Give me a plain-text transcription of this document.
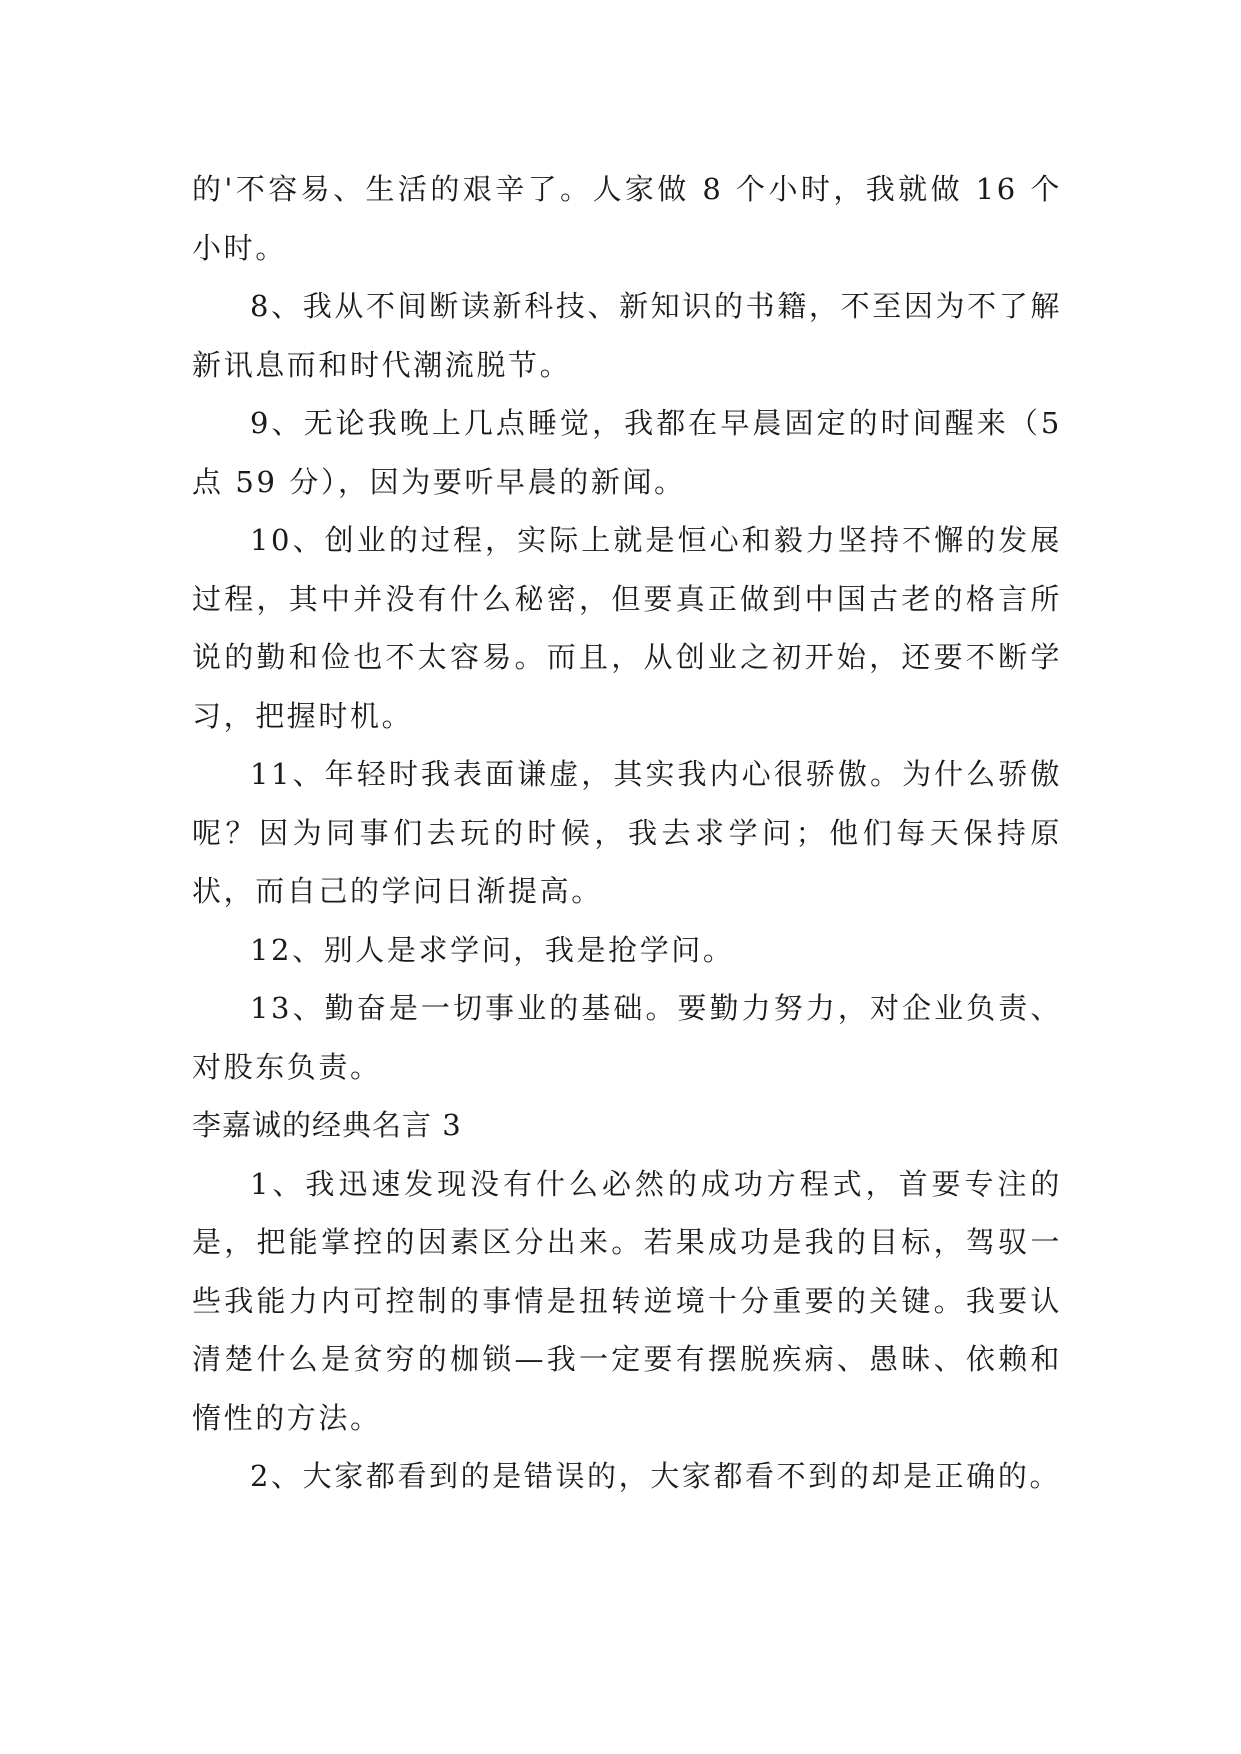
的'不容易、生活的艰辛了。人家做 8 个小时，我就做 16 个小时。

8、我从不间断读新科技、新知识的书籍，不至因为不了解新讯息而和时代潮流脱节。

9、无论我晚上几点睡觉，我都在早晨固定的时间醒来（5 点 59 分），因为要听早晨的新闻。

10、创业的过程，实际上就是恒心和毅力坚持不懈的发展过程，其中并没有什么秘密，但要真正做到中国古老的格言所说的勤和俭也不太容易。而且，从创业之初开始，还要不断学习，把握时机。

11、年轻时我表面谦虚，其实我内心很骄傲。为什么骄傲呢？因为同事们去玩的时候，我去求学问；他们每天保持原状，而自己的学问日渐提高。

12、别人是求学问，我是抢学问。

13、勤奋是一切事业的基础。要勤力努力，对企业负责、对股东负责。

李嘉诚的经典名言 3

1、我迅速发现没有什么必然的成功方程式，首要专注的是，把能掌控的因素区分出来。若果成功是我的目标，驾驭一些我能力内可控制的事情是扭转逆境十分重要的关键。我要认清楚什么是贫穷的枷锁—我一定要有摆脱疾病、愚昧、依赖和惰性的方法。

2、大家都看到的是错误的，大家都看不到的却是正确的。
